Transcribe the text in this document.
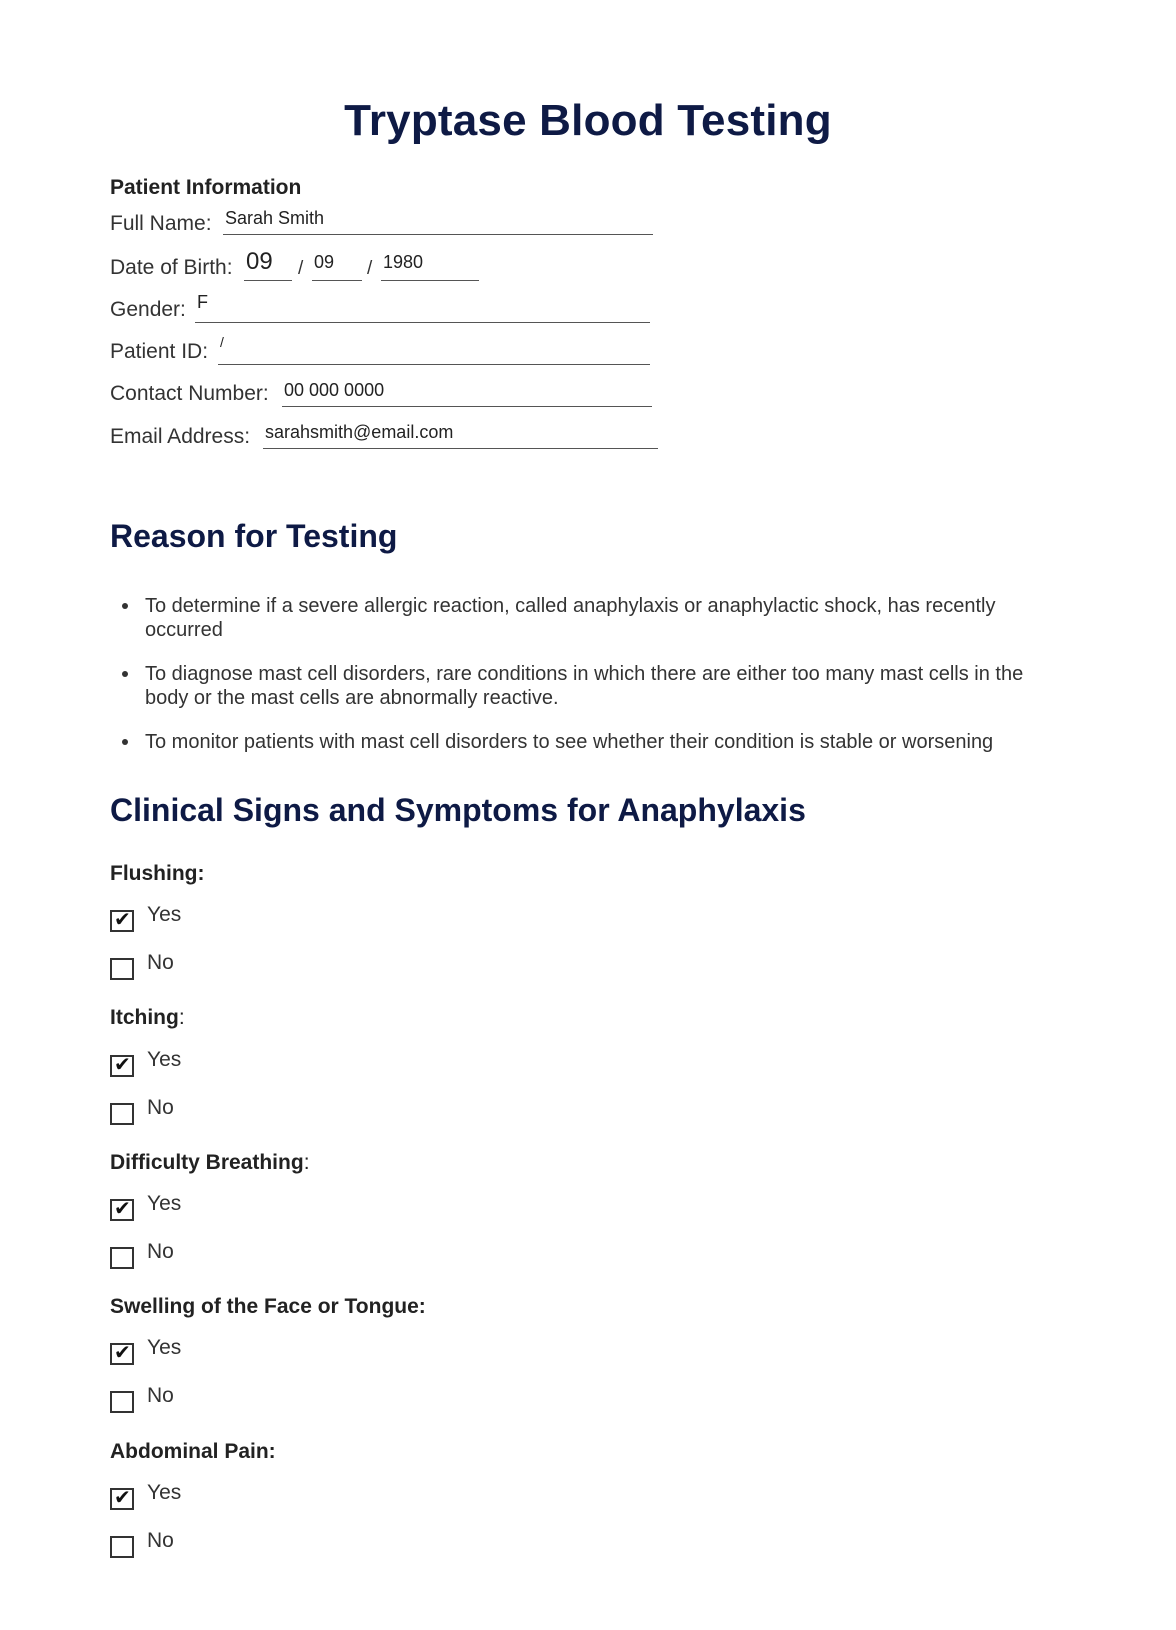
Tryptase Blood Testing
Patient Information
Full Name: Sarah Smith
Date of Birth: 09 / 09 / 1980
Gender: F
Patient ID: /
Contact Number: 00 000 0000
Email Address: sarahsmith@email.com
Reason for Testing
To determine if a severe allergic reaction, called anaphylaxis or anaphylactic shock, has recently occurred
To diagnose mast cell disorders, rare conditions in which there are either too many mast cells in the body or the mast cells are abnormally reactive.
To monitor patients with mast cell disorders to see whether their condition is stable or worsening
Clinical Signs and Symptoms for Anaphylaxis
Flushing:
✔ Yes
No
Itching:
✔ Yes
No
Difficulty Breathing:
✔ Yes
No
Swelling of the Face or Tongue:
✔ Yes
No
Abdominal Pain:
✔ Yes
No
